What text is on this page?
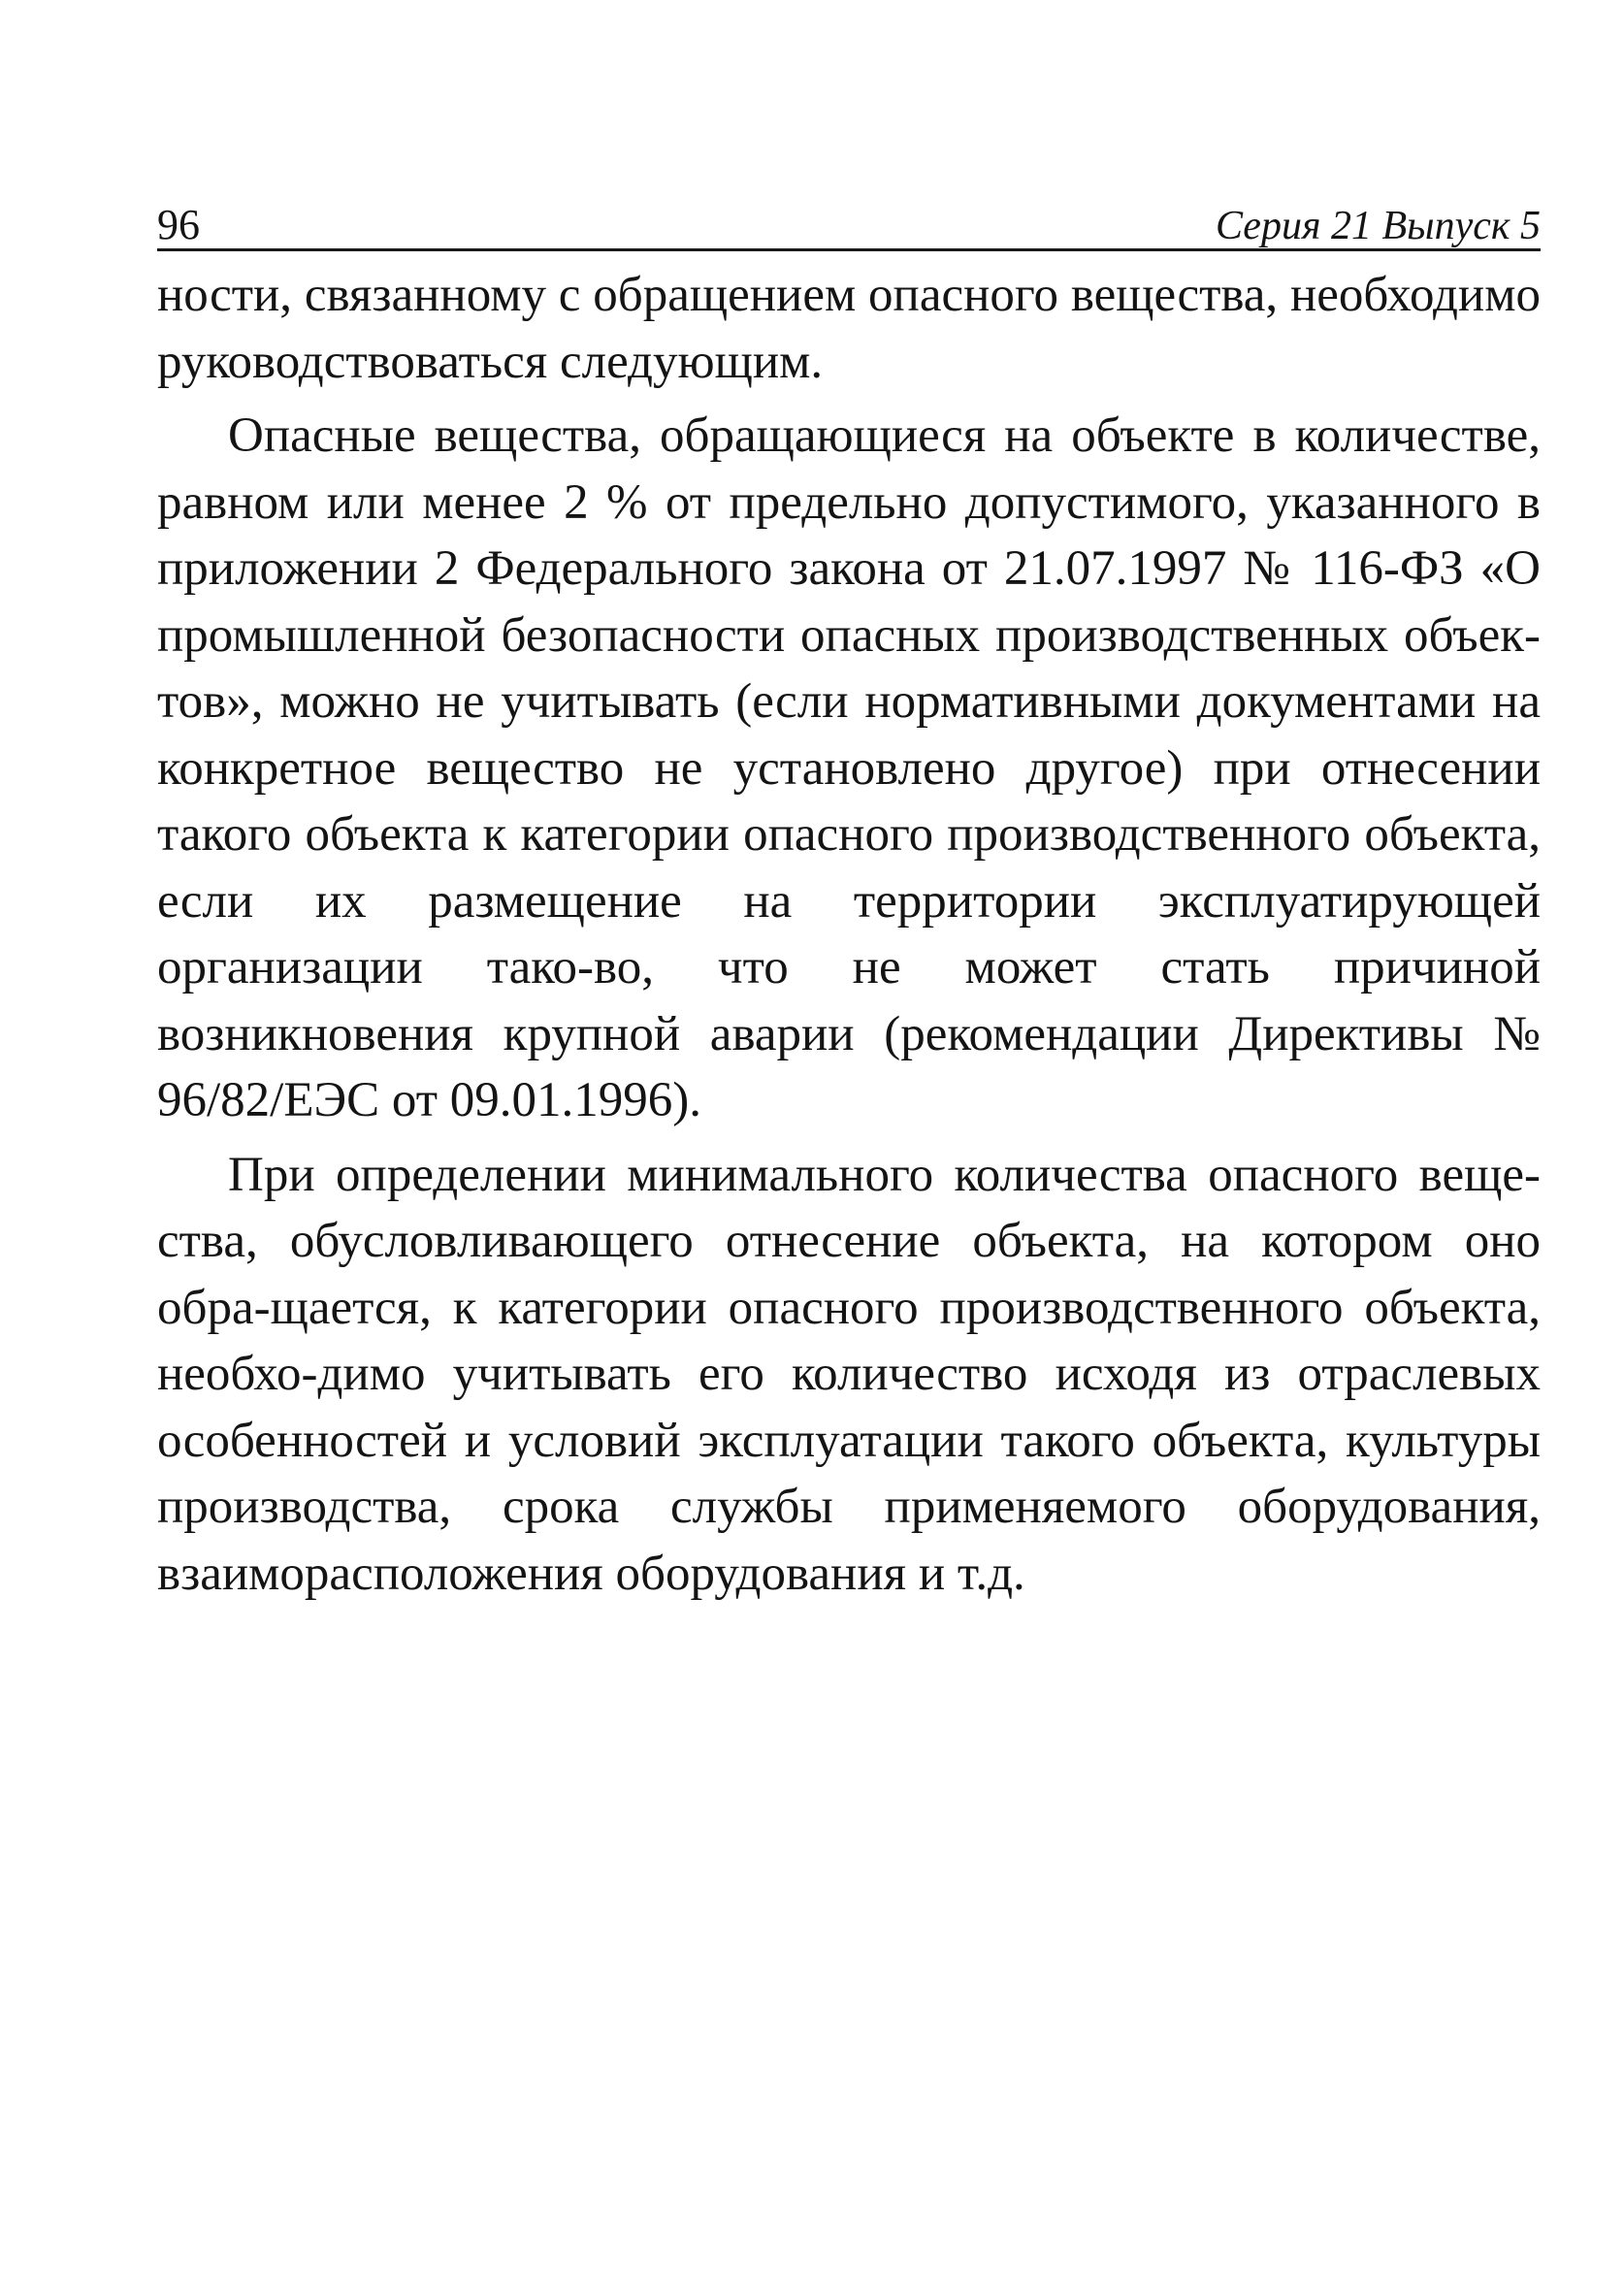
96	Серия 21 Выпуск 5

ности, связанному с обращением опасного вещества, необходимо руководствоваться следующим.

Опасные вещества, обращающиеся на объекте в количестве, равном или менее 2 % от предельно допустимого, указанного в приложении 2 Федерального закона от 21.07.1997 № 116-ФЗ «О промышленной безопасности опасных производственных объек-тов», можно не учитывать (если нормативными документами на конкретное вещество не установлено другое) при отнесении такого объекта к категории опасного производственного объекта, если их размещение на территории эксплуатирующей организации тако-во, что не может стать причиной возникновения крупной аварии (рекомендации Директивы № 96/82/ЕЭС от 09.01.1996).

При определении минимального количества опасного веще-ства, обусловливающего отнесение объекта, на котором оно обра-щается, к категории опасного производственного объекта, необхо-димо учитывать его количество исходя из отраслевых особенностей и условий эксплуатации такого объекта, культуры производства, срока службы применяемого оборудования, взаиморасположения оборудования и т.д.
